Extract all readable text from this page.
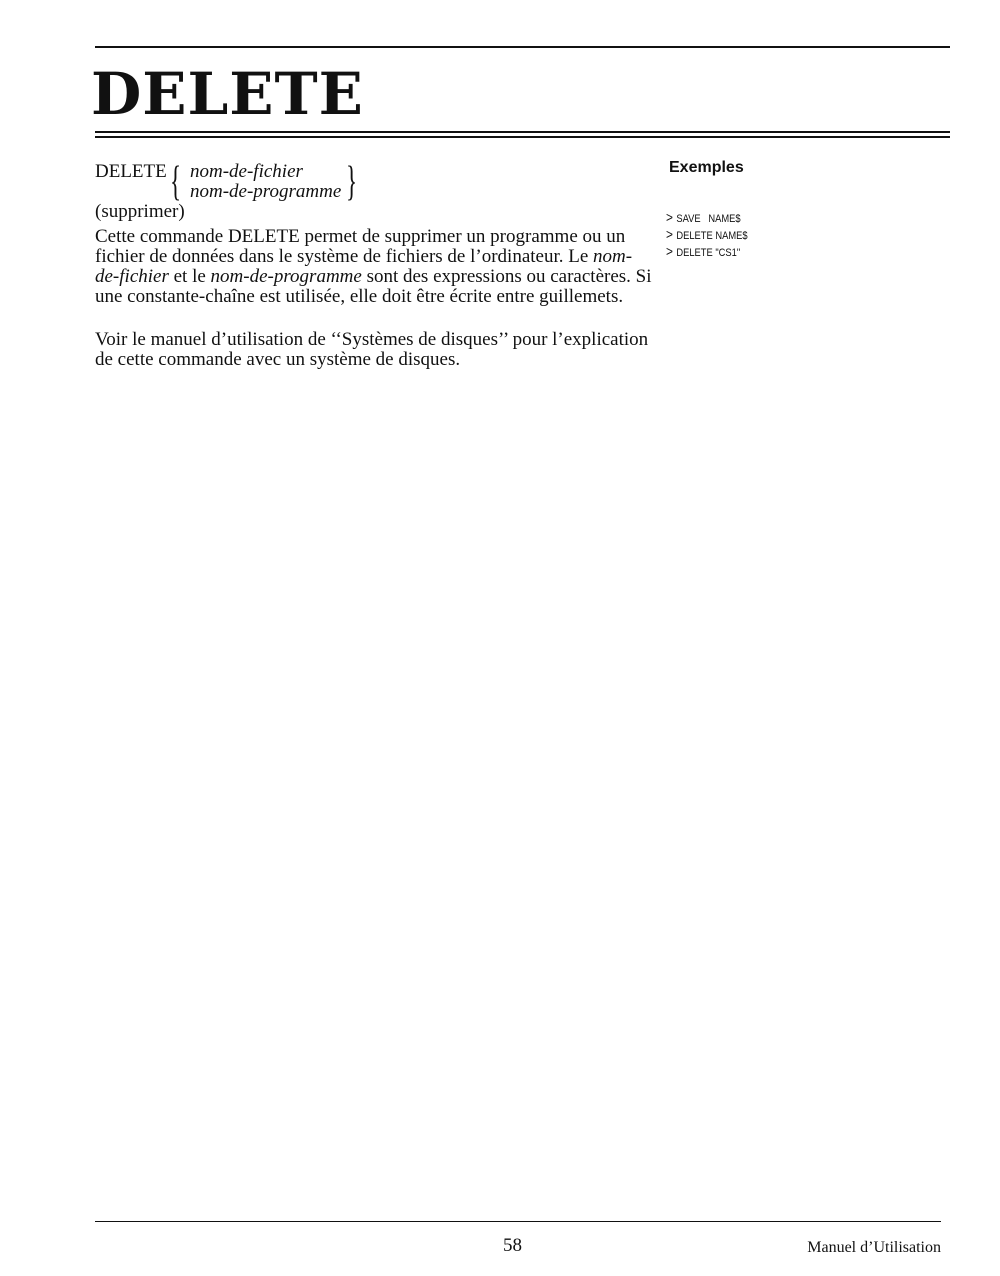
DELETE
DELETE { nom-de-fichier
nom-de-programme }
(supprimer)

Cette commande DELETE permet de supprimer un programme ou un fichier de données dans le système de fichiers de l’ordinateur. Le nom-de-fichier et le nom-de-programme sont des expressions ou caractères. Si une constante-chaîne est utilisée, elle doit être écrite entre guillemets.

Voir le manuel d’utilisation de ‘‘Systèmes de disques’’ pour l’explication de cette commande avec un système de disques.

Exemples
> SAVE   NAME$
> DELETE NAME$
> DELETE "CS1"
58	Manuel d’Utilisation
